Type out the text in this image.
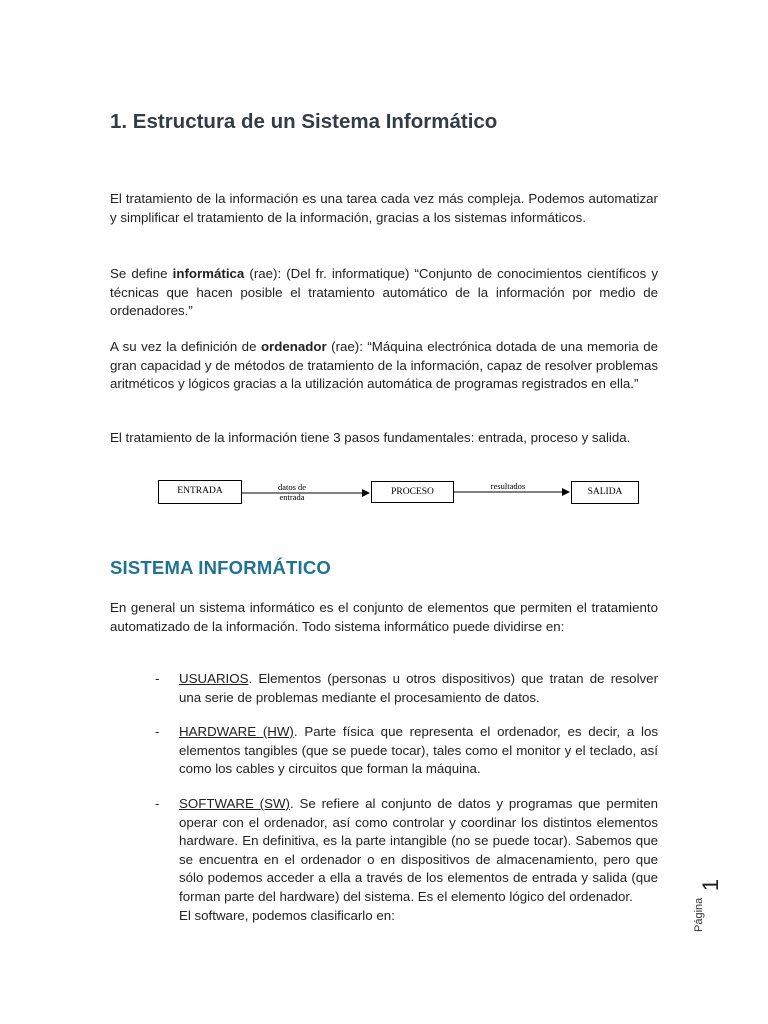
1. Estructura de un Sistema Informático

El tratamiento de la información es una tarea cada vez más compleja. Podemos automatizar y simplificar el tratamiento de la información, gracias a los sistemas informáticos.

Se define informática (rae): (Del fr. informatique) “Conjunto de conocimientos científicos y técnicas que hacen posible el tratamiento automático de la información por medio de ordenadores.”

A su vez la definición de ordenador (rae): “Máquina electrónica dotada de una memoria de gran capacidad y de métodos de tratamiento de la información, capaz de resolver problemas aritméticos y lógicos gracias a la utilización automática de programas registrados en ella.”

El tratamiento de la información tiene 3 pasos fundamentales: entrada, proceso y salida.

ENTRADA	datos de
entrada	PROCESO
resultados
SALIDA
SISTEMA INFORMÁTICO

En general un sistema informático es el conjunto de elementos que permiten el tratamiento automatizado de la información. Todo sistema informático puede dividirse en:

- USUARIOS. Elementos (personas u otros dispositivos) que tratan de resolver una serie de problemas mediante el procesamiento de datos.

- HARDWARE (HW). Parte física que representa el ordenador, es decir, a los elementos tangibles (que se puede tocar), tales como el monitor y el teclado, así como los cables y circuitos que forman la máquina.

- SOFTWARE (SW). Se refiere al conjunto de datos y programas que permiten operar con el ordenador, así como controlar y coordinar los distintos elementos hardware. En definitiva, es la parte intangible (no se puede tocar). Sabemos que se encuentra en el ordenador o en dispositivos de almacenamiento, pero que sólo podemos acceder a ella a través de los elementos de entrada y salida (que forman parte del hardware) del sistema. Es el elemento lógico del ordenador.
El software, podemos clasificarlo en:	Página
1
